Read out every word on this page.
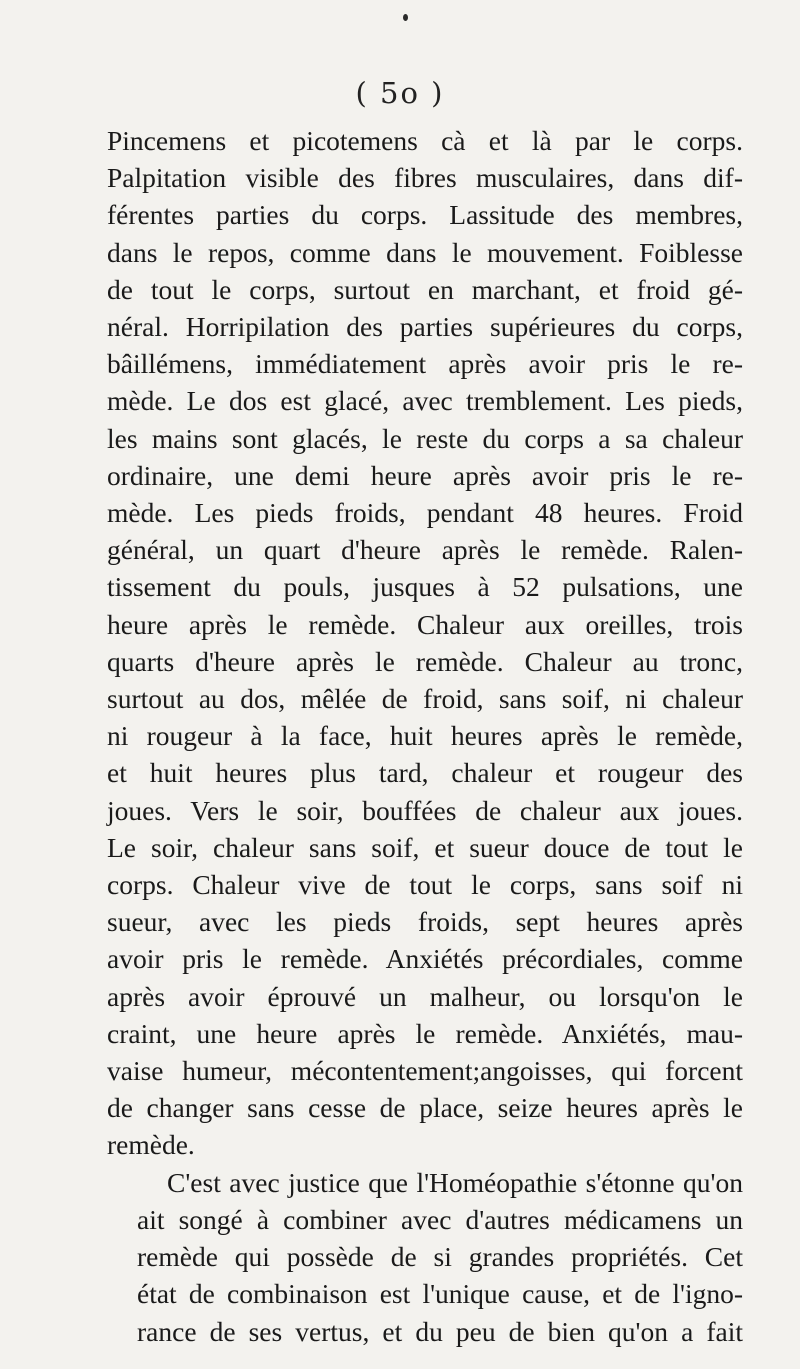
( 5o )

Pincemens et picotemens cà et là par le corps.
Palpitation visible des fibres musculaires, dans dif-
férentes parties du corps. Lassitude des membres,
dans le repos, comme dans le mouvement. Foiblesse
de tout le corps, surtout en marchant, et froid gé-
néral. Horripilation des parties supérieures du corps,
bâillémens, immédiatement après avoir pris le re-
mède. Le dos est glacé, avec tremblement. Les pieds,
les mains sont glacés, le reste du corps a sa chaleur
ordinaire, une demi heure après avoir pris le re-
mède. Les pieds froids, pendant 48 heures. Froid
général, un quart d'heure après le remède. Ralen-
tissement du pouls, jusques à 52 pulsations, une
heure après le remède. Chaleur aux oreilles, trois
quarts d'heure après le remède. Chaleur au tronc,
surtout au dos, mêlée de froid, sans soif, ni chaleur
ni rougeur à la face, huit heures après le remède,
et huit heures plus tard, chaleur et rougeur des
joues. Vers le soir, bouffées de chaleur aux joues.
Le soir, chaleur sans soif, et sueur douce de tout le
corps. Chaleur vive de tout le corps, sans soif ni
sueur, avec les pieds froids, sept heures après
avoir pris le remède. Anxiétés précordiales, comme
après avoir éprouvé un malheur, ou lorsqu'on le
craint, une heure après le remède. Anxiétés, mau-
vaise humeur, mécontentement;angoisses, qui forcent
de changer sans cesse de place, seize heures après le
remède.

C'est avec justice que l'Homéopathie s'étonne qu'on
ait songé à combiner avec d'autres médicamens un
remède qui possède de si grandes propriétés. Cet
état de combinaison est l'unique cause, et de l'igno-
rance de ses vertus, et du peu de bien qu'on a fait
